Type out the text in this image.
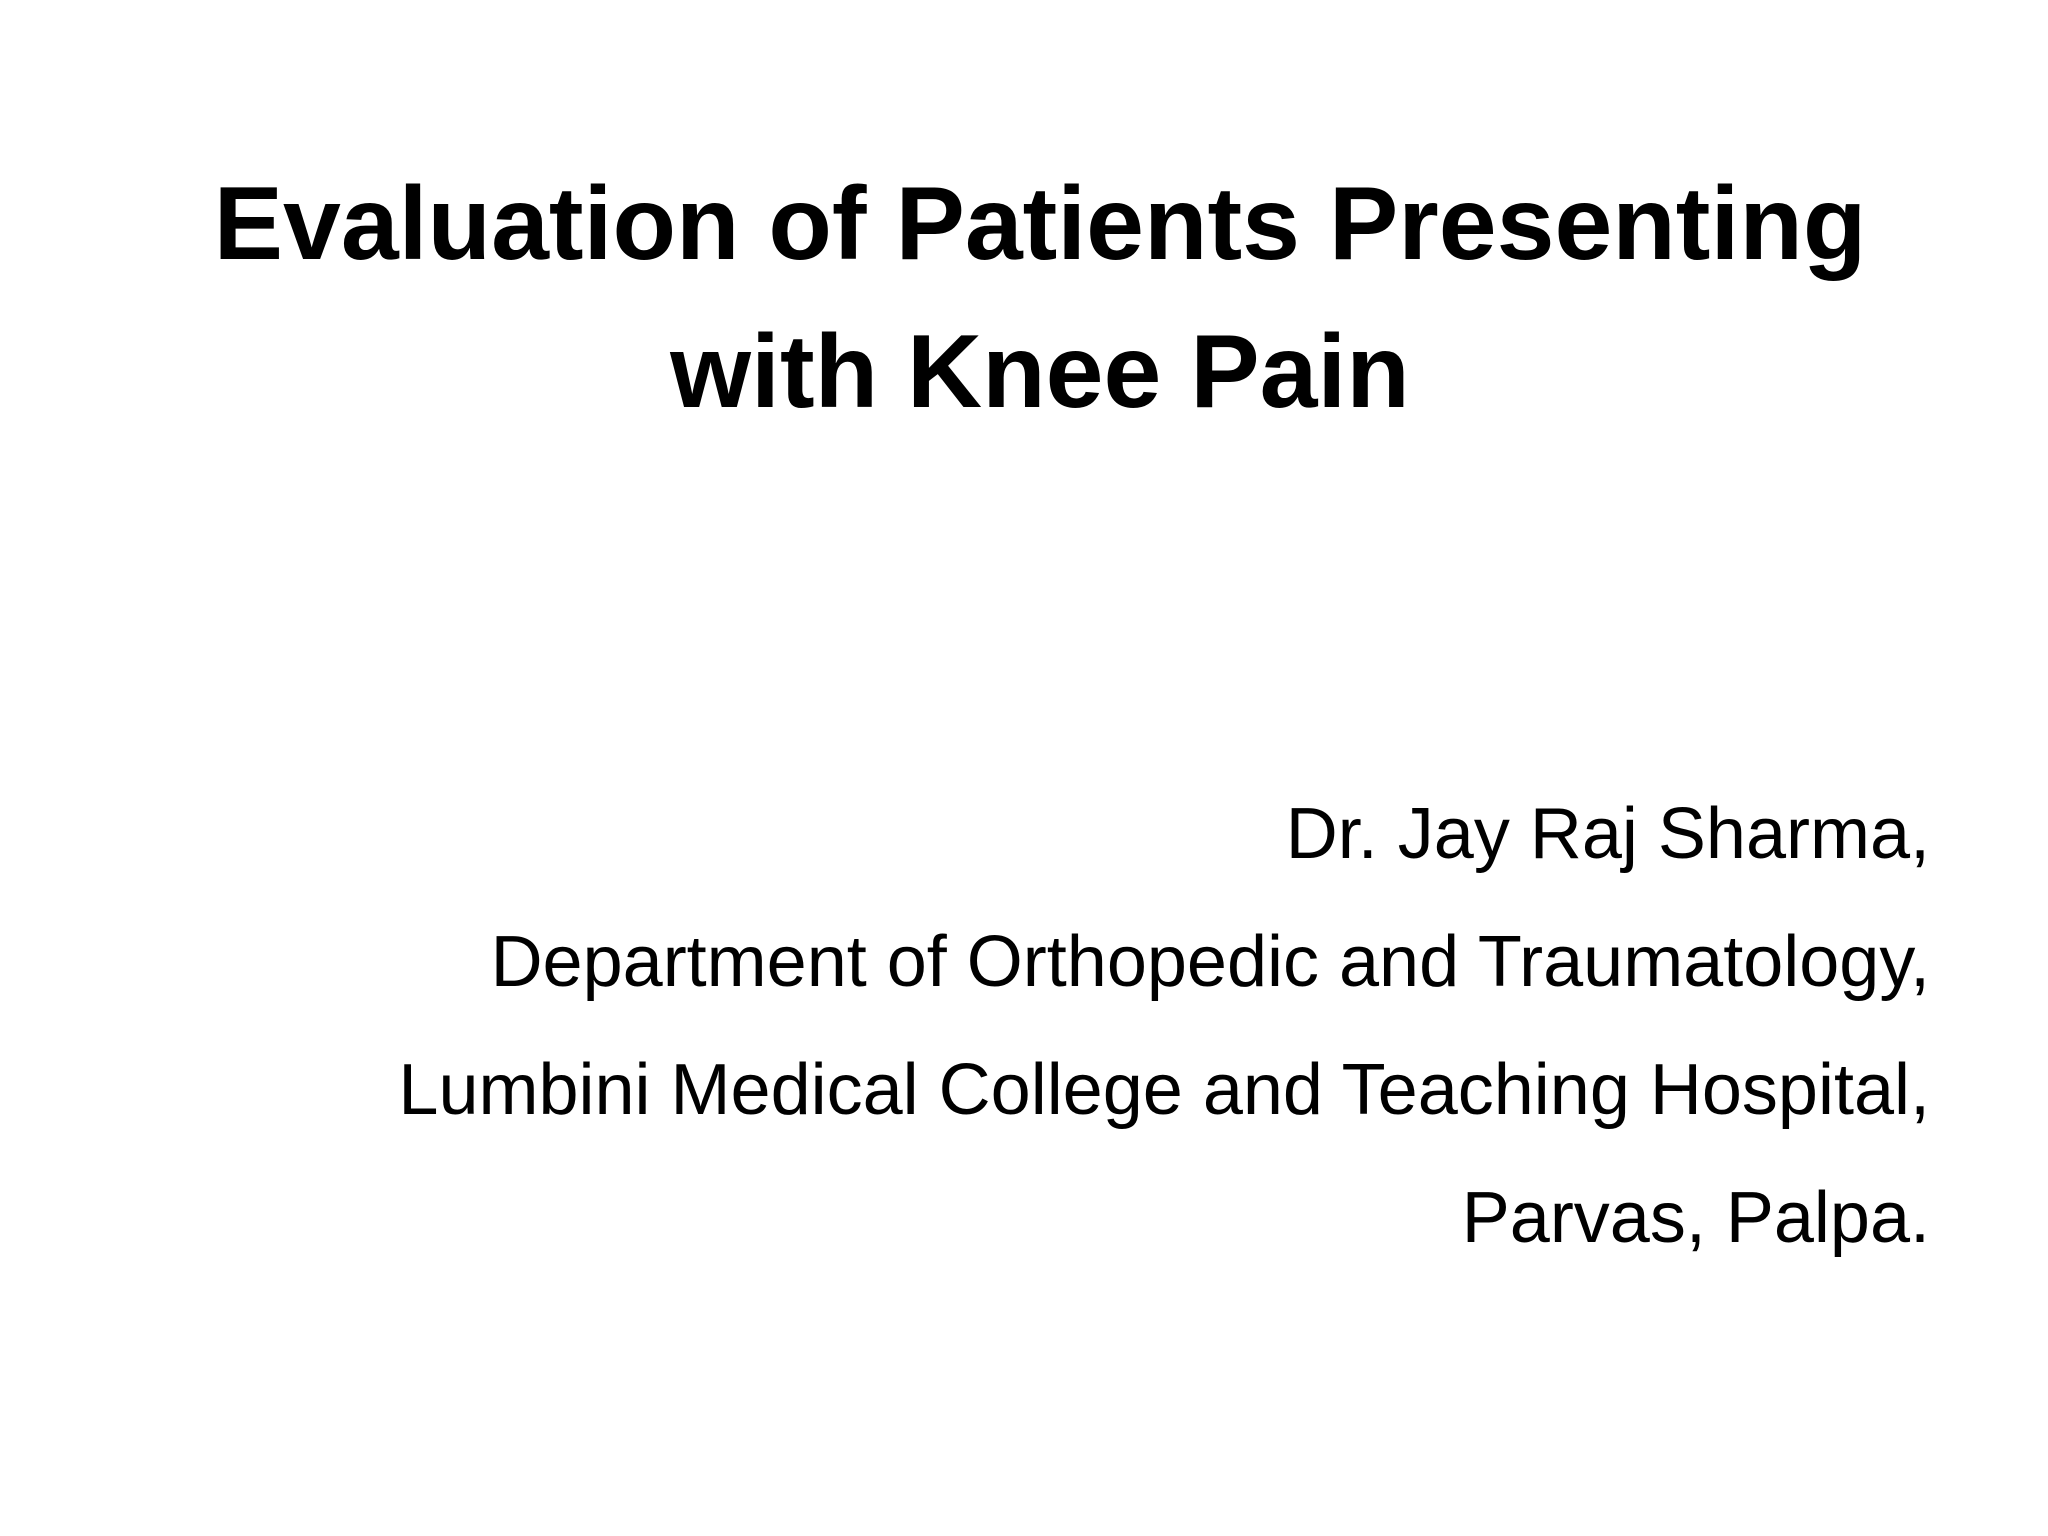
Evaluation of Patients Presenting
with Knee Pain
Dr. Jay Raj Sharma,
Department of Orthopedic and Traumatology,
Lumbini Medical College and Teaching Hospital,
Parvas, Palpa.
